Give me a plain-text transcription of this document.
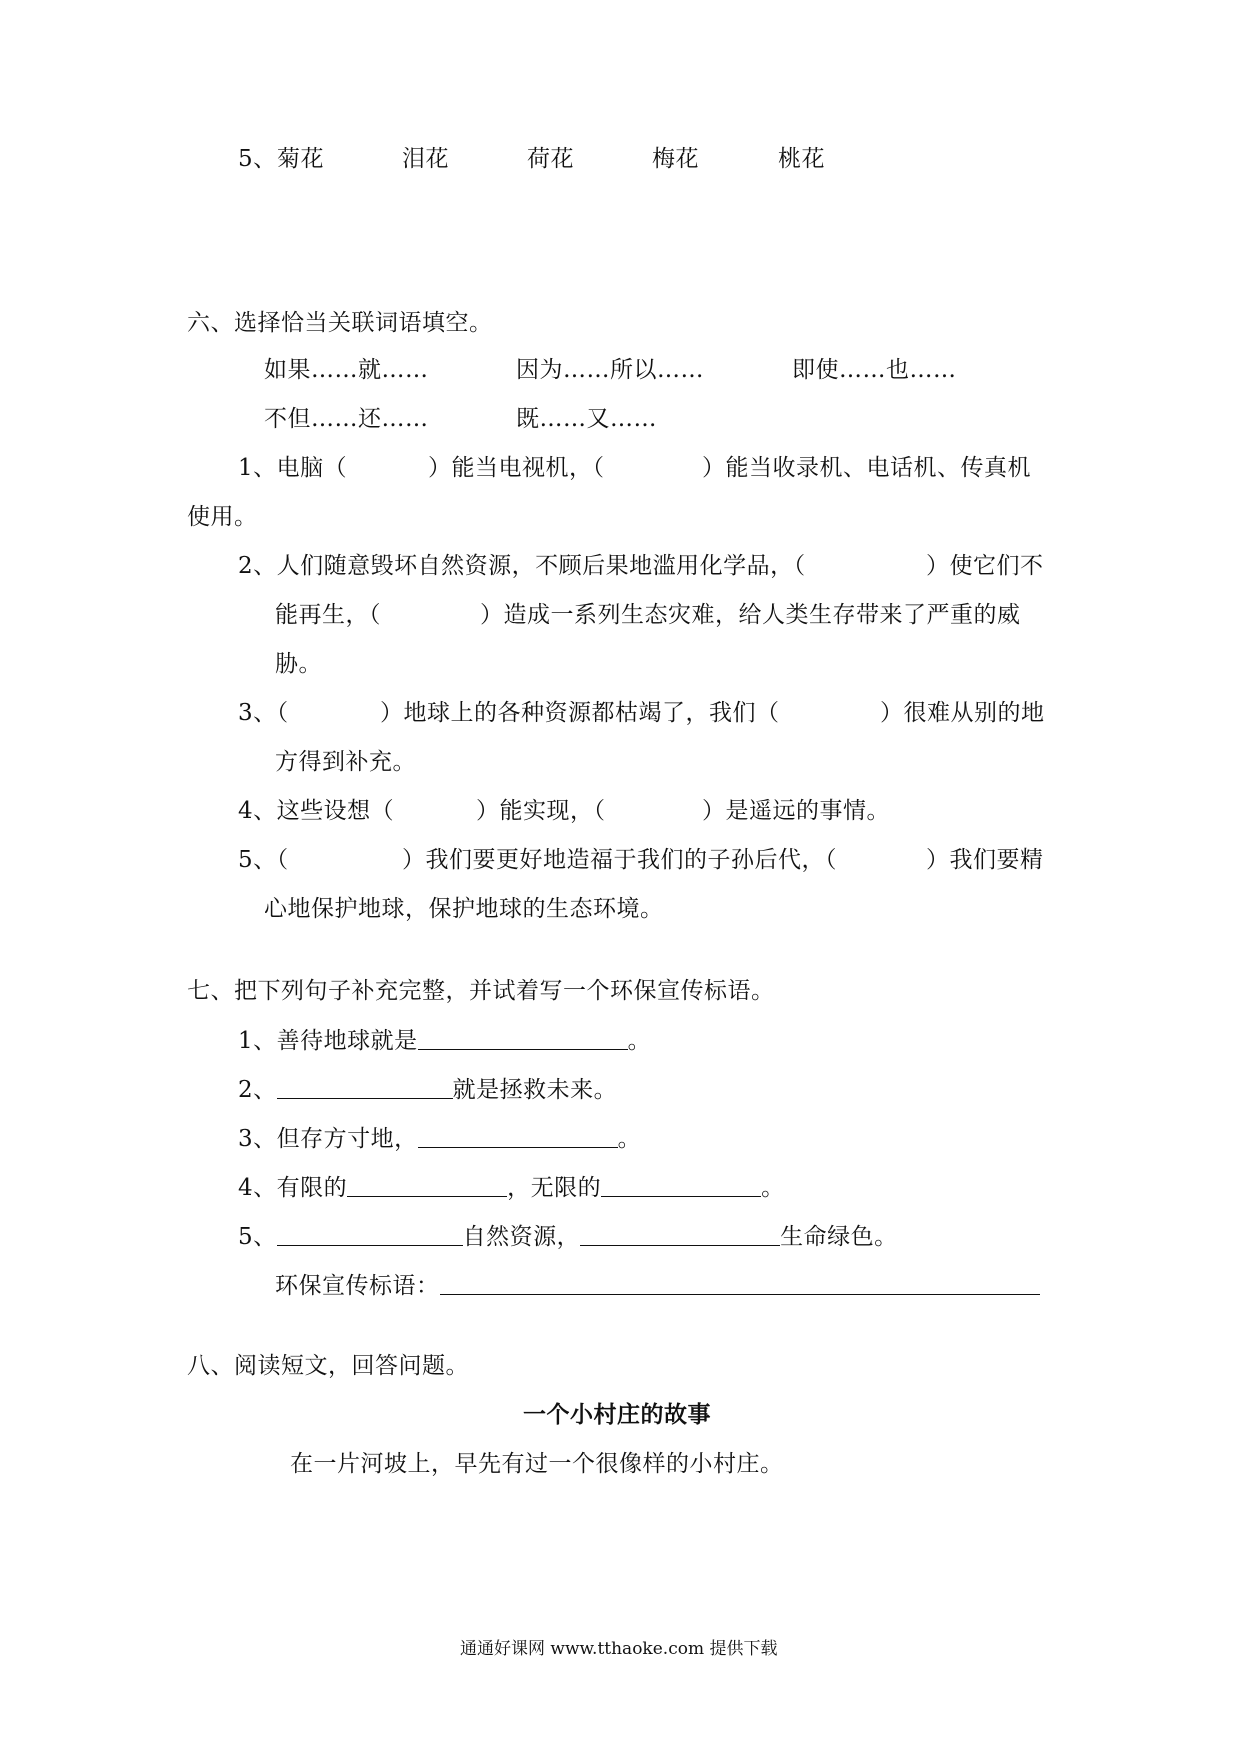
5、 菊花	泪花	荷花	梅花	桃花
六、选择恰当关联词语填空。
如果……就……	因为……所以……	即使……也……
不但……还……	既……又……
1、电脑（	）能当电视机，（	）能当收录机、电话机、传真机
使用。
2、人们随意毁坏自然资源，不顾后果地滥用化学品，（	）使它们不
能再生，（	）造成一系列生态灾难，给人类生存带来了严重的威
胁。
3、（	）地球上的各种资源都枯竭了，我们（	）很难从别的地
方得到补充。
4、这些设想（	）能实现，（	）是遥远的事情。
5、（	）我们要更好地造福于我们的子孙后代，（	）我们要精
心地保护地球，保护地球的生态环境。
七、把下列句子补充完整，并试着写一个环保宣传标语。
1、善待地球就是	。
2、	就是拯救未来。
3、但存方寸地，	。
4、有限的	，无限的	。
5、	自然资源，	生命绿色。
环保宣传标语：
八、阅读短文，回答问题。
一个小村庄的故事
在一片河坡上，早先有过一个很像样的小村庄。
通通好课网 www.tthaoke.com 提供下载
